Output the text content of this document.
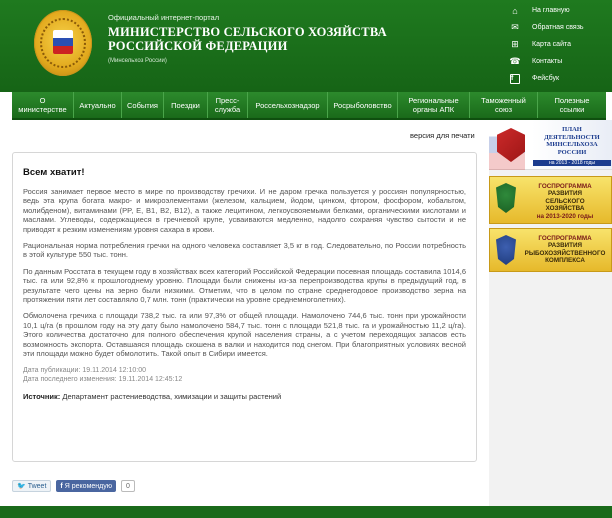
Официальный интернет-портал
МИНИСТЕРСТВО СЕЛЬСКОГО ХОЗЯЙСТВА
РОССИЙСКОЙ ФЕДЕРАЦИИ
(Минсельхоз России)
⌂	На главную
✉	Обратная связь
⊞	Карта сайта
☎ Контакты
f	Фейсбук
О
министерстве Актуально События Поездки Пресс-
служба Россельхознадзор Росрыболовство Региональные
органы АПК
Таможенный
союз
Полезные
ссылки
версия для печати
Всем хватит!

Россия занимает первое место в мире по производству гречихи. И не даром гречка пользуется у россиян популярностью, ведь эта крупа богата макро- и микроэлементами (железом, кальцием, йодом, цинком, фтором, фосфором, кобальтом, молибденом), витаминами (PP, E, B1, B2, B12), а также лецитином, легкоусвояемыми белками, органическими кислотами и маслами. Углеводы, содержащиеся в гречневой крупе, усваиваются медленно, надолго сохраняя чувство сытости и не приводят к резким изменениям уровня сахара в крови.

Рациональная норма потребления гречки на одного человека составляет 3,5 кг в год. Следовательно, по России потребность в этой культуре 550 тыс. тонн.

По данным Росстата в текущем году в хозяйствах всех категорий Российской Федерации посевная площадь составила 1014,6 тыс. га или 92,8% к прошлогоднему уровню. Площади были снижены из-за перепроизводства крупы в предыдущий год, в результате чего цены на зерно были низкими. Отметим, что в целом по стране среднегодовое производство зерна на протяжении пяти лет составляло 0,7 млн. тонн (практически на уровне среднемноголетних).

Обмолочена гречиха с площади 738,2 тыс. га или 97,3% от общей площади. Намолочено 744,6 тыс. тонн при урожайности 10,1 ц/га (в прошлом году на эту дату было намолочено 584,7 тыс. тонн с площади 521,8 тыс. га и урожайностью 11,2 ц/га). Этого количества достаточно для полного обеспечения крупой населения страны, а с учетом переходящих запасов есть возможность экспорта. Оставшаяся площадь скошена в валки и находится под снегом. При благоприятных условиях весной эти площади можно будет обмолотить. Такой опыт в Сибири имеется.

Дата публикации: 19.11.2014 12:10:00
Дата последнего изменения: 19.11.2014 12:45:12
Источник: Департамент растениеводства, химизации и защиты растений
🐦 Tweet f Я рекомендую	0
ПЛАН
ДЕЯТЕЛЬНОСТИ
МИНСЕЛЬХОЗА
РОССИИ
на 2013 - 2018 годы
ГОСПРОГРАММА
РАЗВИТИЯ
СЕЛЬСКОГО
ХОЗЯЙСТВА
на 2013-2020 годы
ГОСПРОГРАММА
РАЗВИТИЯ
РЫБОХОЗЯЙСТВЕННОГО
КОМПЛЕКСА
